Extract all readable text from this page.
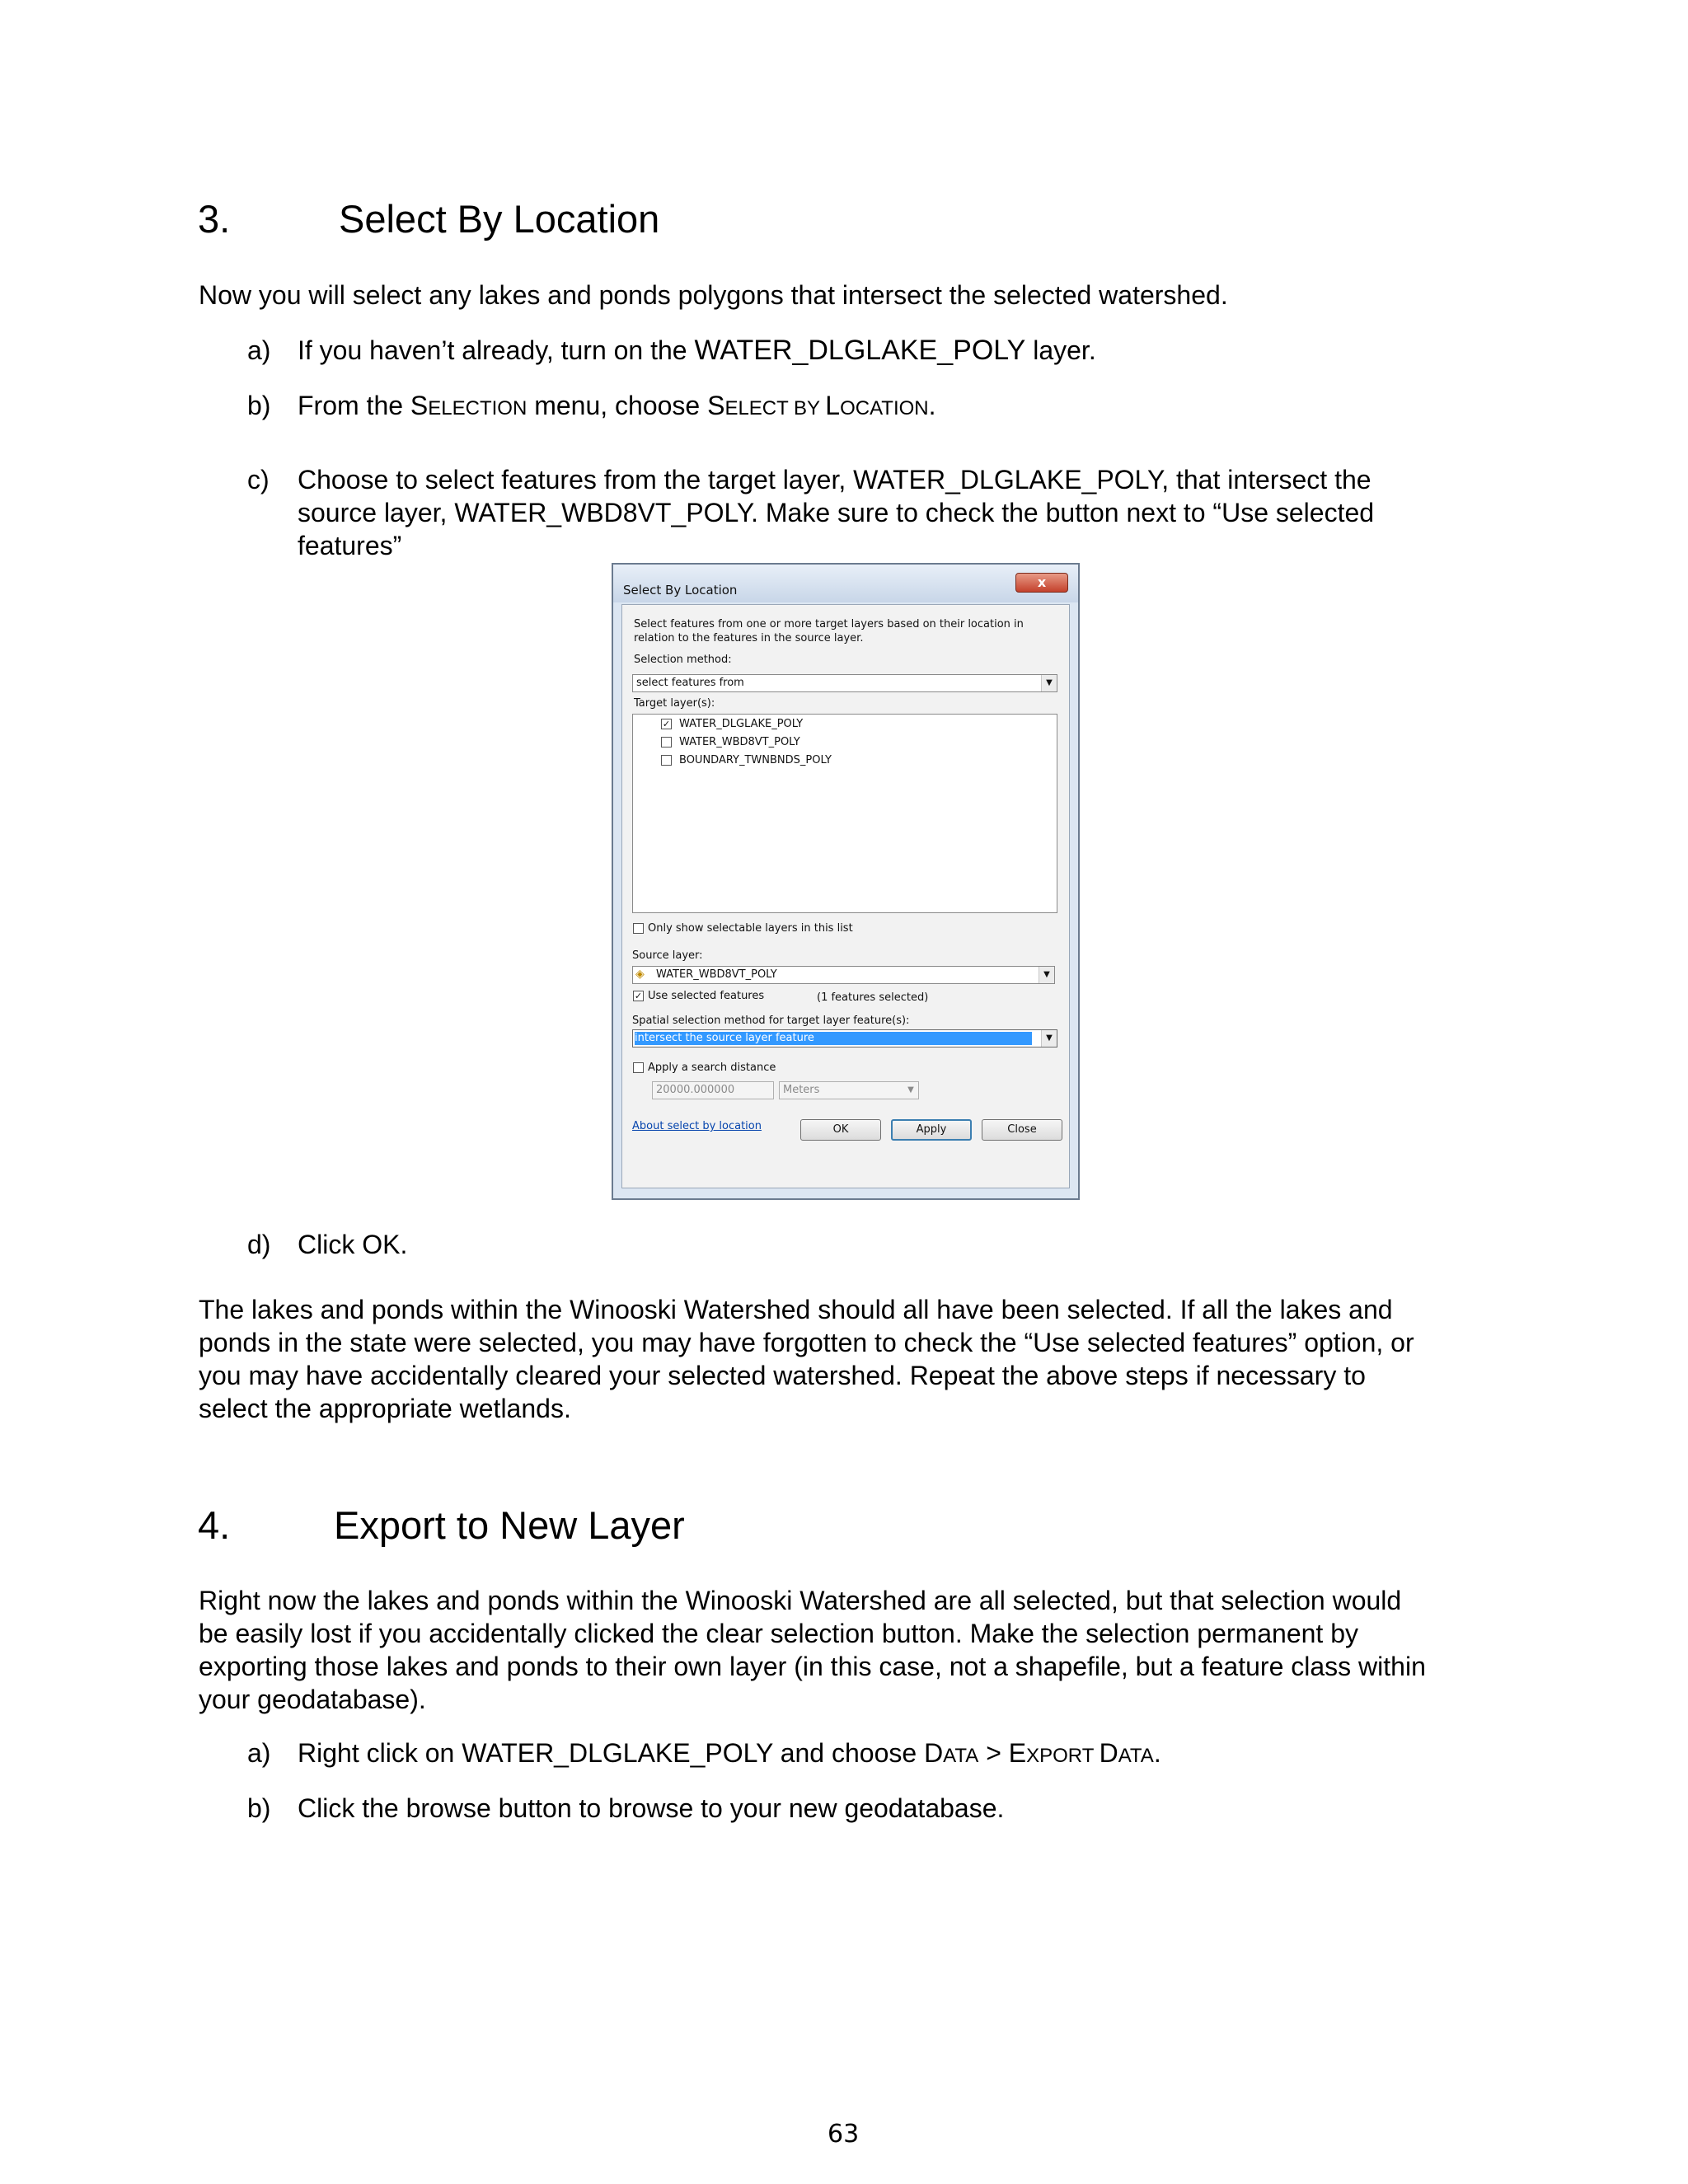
3.	Select By Location
Now you will select any lakes and ponds polygons that intersect the selected watershed.
a) If you haven’t already, turn on the WATER_DLGLAKE_POLY layer.
b) From the SELECTION menu, choose SELECT BY LOCATION.
c) Choose to select features from the target layer, WATER_DLGLAKE_POLY, that intersect the
source layer, WATER_WBD8VT_POLY. Make sure to check the button next to “Use selected
features”
Select By Location	x
Select features from one or more target layers based on their location in
relation to the features in the source layer.
Selection method:
select features from	▼
Target layer(s):
✓ WATER_DLGLAKE_POLY
WATER_WBD8VT_POLY
BOUNDARY_TWNBNDS_POLY
Only show selectable layers in this list
Source layer:
◈ WATER_WBD8VT_POLY	▼
✓ Use selected features	(1 features selected)
Spatial selection method for target layer feature(s):
intersect the source layer feature	▼
Apply a search distance
20000.000000	Meters	▼
About select by location	OK	Apply	Close
d) Click OK.
The lakes and ponds within the Winooski Watershed should all have been selected. If all the lakes and
ponds in the state were selected, you may have forgotten to check the “Use selected features” option, or
you may have accidentally cleared your selected watershed. Repeat the above steps if necessary to
select the appropriate wetlands.
4.	Export to New Layer
Right now the lakes and ponds within the Winooski Watershed are all selected, but that selection would
be easily lost if you accidentally clicked the clear selection button. Make the selection permanent by
exporting those lakes and ponds to their own layer (in this case, not a shapefile, but a feature class within
your geodatabase).
a) Right click on WATER_DLGLAKE_POLY and choose DATA > EXPORT DATA.
b) Click the browse button to browse to your new geodatabase.
63
